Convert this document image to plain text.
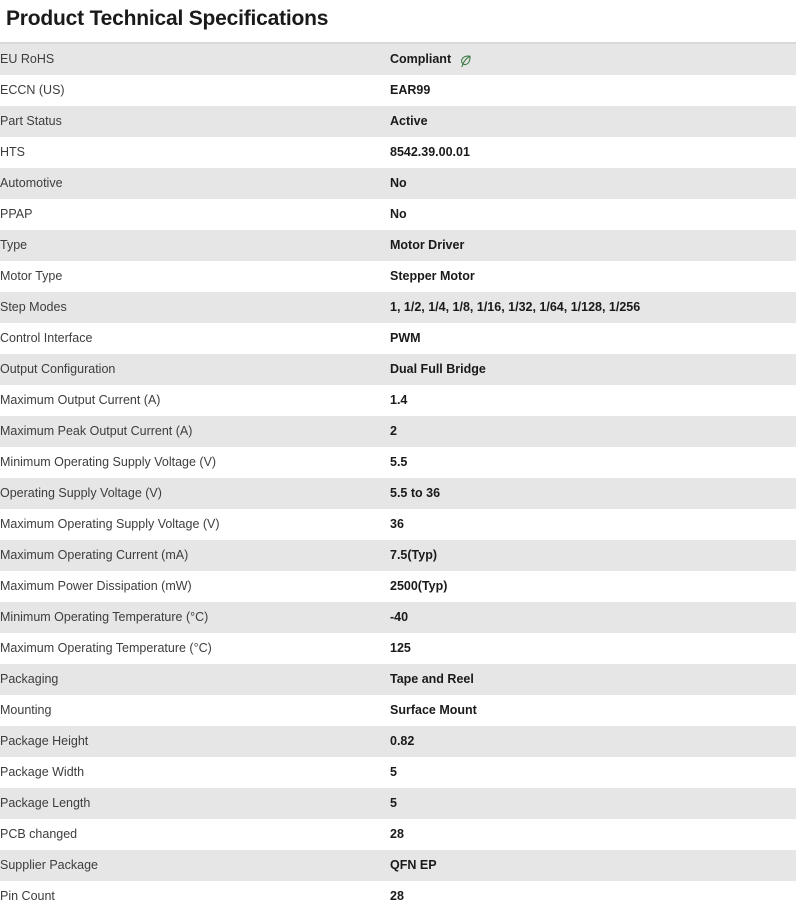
Product Technical Specifications
EU RoHS	Compliant

ECCN (US)	EAR99

Part Status	Active

HTS	8542.39.00.01

Automotive	No

PPAP	No

Type	Motor Driver

Motor Type	Stepper Motor

Step Modes	1, 1/2, 1/4, 1/8, 1/16, 1/32, 1/64, 1/128, 1/256

Control Interface	PWM

Output Configuration	Dual Full Bridge

Maximum Output Current (A)	1.4

Maximum Peak Output Current (A)	2

Minimum Operating Supply Voltage (V)	5.5

Operating Supply Voltage (V)	5.5 to 36

Maximum Operating Supply Voltage (V)	36

Maximum Operating Current (mA)	7.5(Typ)

Maximum Power Dissipation (mW)	2500(Typ)

Minimum Operating Temperature (°C)	-40

Maximum Operating Temperature (°C)	125

Packaging	Tape and Reel

Mounting	Surface Mount

Package Height	0.82

Package Width	5

Package Length	5

PCB changed	28

Supplier Package	QFN EP

Pin Count	28
